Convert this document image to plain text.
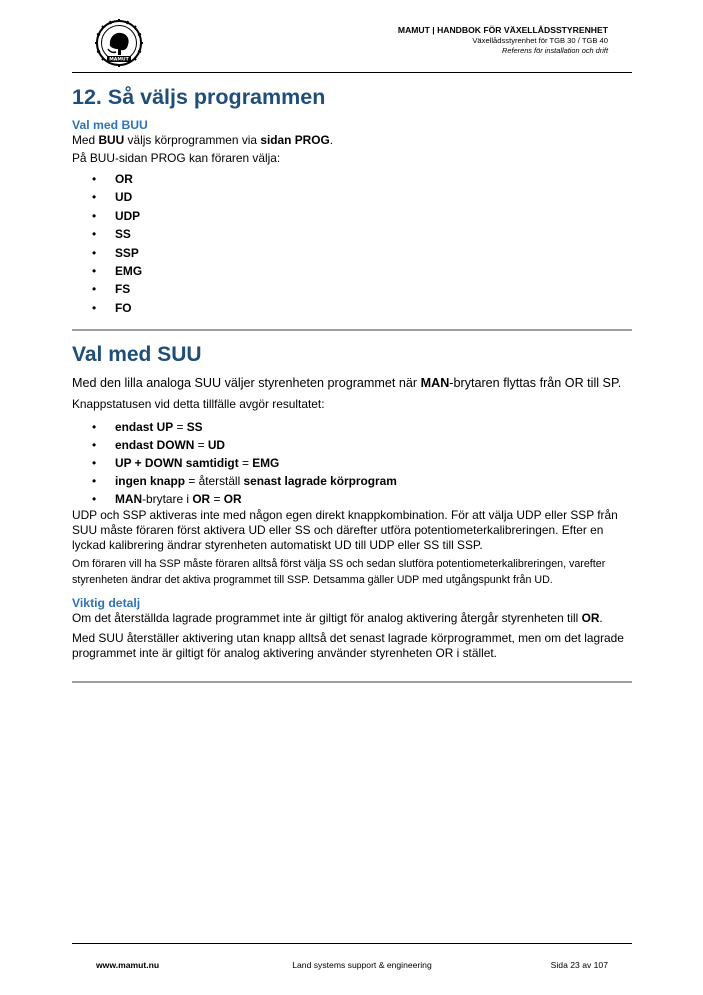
MAMUT
MAMUT | HANDBOK FÖR VÄXELLÅDSSTYRENHET
Växellådsstyrenhet för TGB 30 / TGB 40
Referens för installation och drift
12. Så väljs programmen
Val med BUU

Med BUU väljs körprogrammen via sidan PROG.

På BUU-sidan PROG kan föraren välja:

• OR
• UD
• UDP
• SS
• SSP
• EMG
• FS
• FO
Val med SUU

Med den lilla analoga SUU väljer styrenheten programmet när MAN-brytaren flyttas från OR till SP.

Knappstatusen vid detta tillfälle avgör resultatet:

• endast UP = SS
• endast DOWN = UD
• UP + DOWN samtidigt = EMG
• ingen knapp = återställ senast lagrade körprogram
• MAN-brytare i OR = OR

UDP och SSP aktiveras inte med någon egen direkt knappkombination. För att välja UDP eller SSP från SUU måste föraren först aktivera UD eller SS och därefter utföra potentiometerkalibreringen. Efter en lyckad kalibrering ändrar styrenheten automatiskt UD till UDP eller SS till SSP.

Om föraren vill ha SSP måste föraren alltså först välja SS och sedan slutföra potentiometerkalibreringen, varefter styrenheten ändrar det aktiva programmet till SSP. Detsamma gäller UDP med utgångspunkt från UD.

Viktig detalj

Om det återställda lagrade programmet inte är giltigt för analog aktivering återgår styrenheten till OR.

Med SUU återställer aktivering utan knapp alltså det senast lagrade körprogrammet, men om det lagrade programmet inte är giltigt för analog aktivering använder styrenheten OR i stället.

www.mamut.nu	Land systems support & engineering	Sida 23 av 107
